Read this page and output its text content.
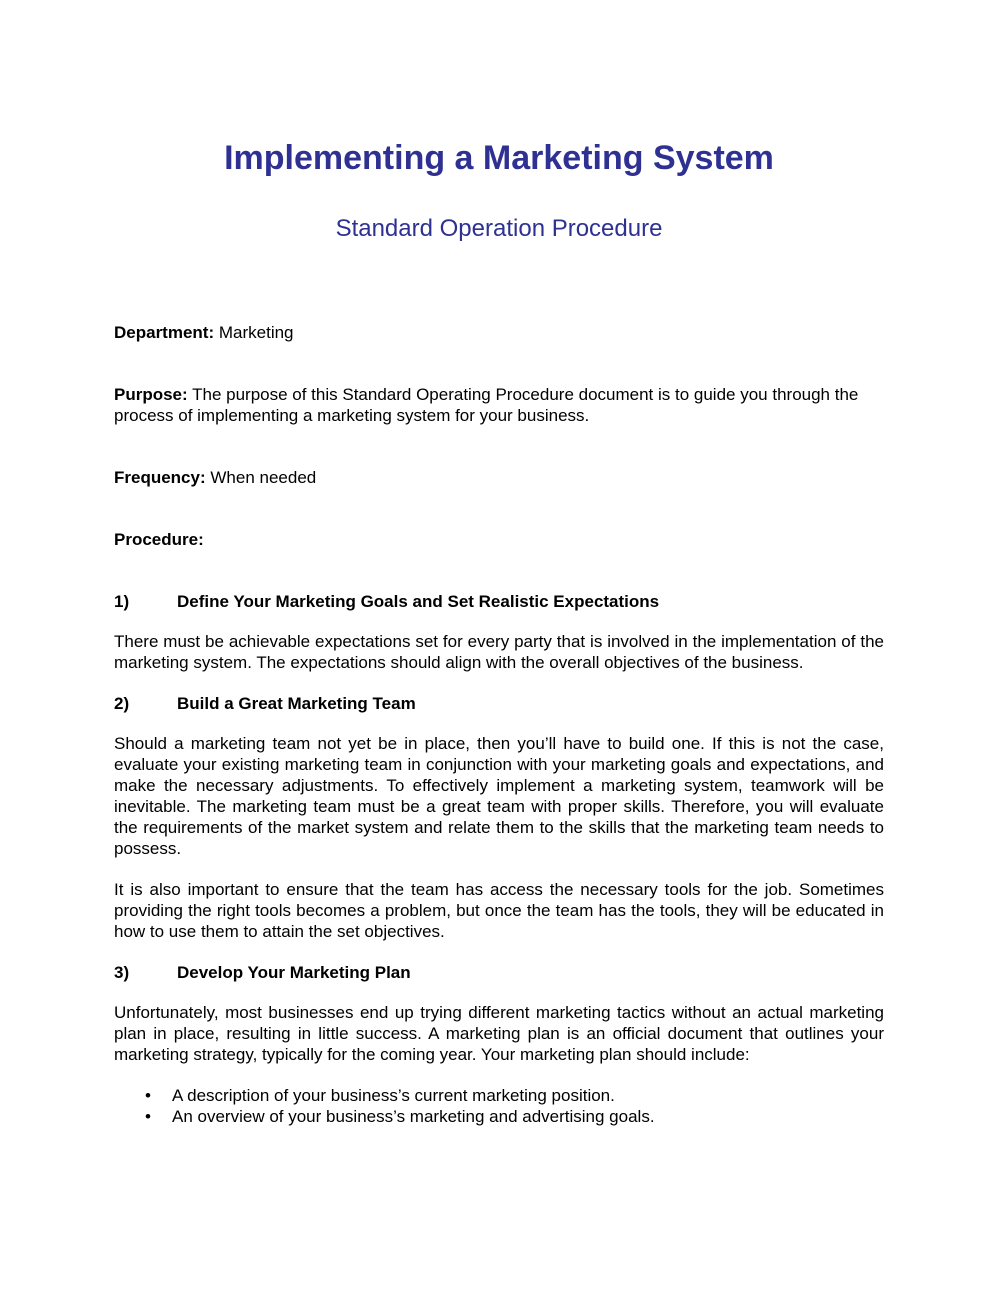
Implementing a Marketing System
Standard Operation Procedure

Department: Marketing

Purpose: The purpose of this Standard Operating Procedure document is to guide you through the process of implementing a marketing system for your business.

Frequency: When needed

Procedure:

1)	Define Your Marketing Goals and Set Realistic Expectations

There must be achievable expectations set for every party that is involved in the implementation of the marketing system. The expectations should align with the overall objectives of the business.

2)	Build a Great Marketing Team

Should a marketing team not yet be in place, then you’ll have to build one. If this is not the case, evaluate your existing marketing team in conjunction with your marketing goals and expectations, and make the necessary adjustments. To effectively implement a marketing system, teamwork will be inevitable. The marketing team must be a great team with proper skills. Therefore, you will evaluate the requirements of the market system and relate them to the skills that the marketing team needs to possess.

It is also important to ensure that the team has access the necessary tools for the job. Sometimes providing the right tools becomes a problem, but once the team has the tools, they will be educated in how to use them to attain the set objectives.

3)	Develop Your Marketing Plan

Unfortunately, most businesses end up trying different marketing tactics without an actual marketing plan in place, resulting in little success. A marketing plan is an official document that outlines your marketing strategy, typically for the coming year. Your marketing plan should include:

• A description of your business’s current marketing position.
• An overview of your business’s marketing and advertising goals.
